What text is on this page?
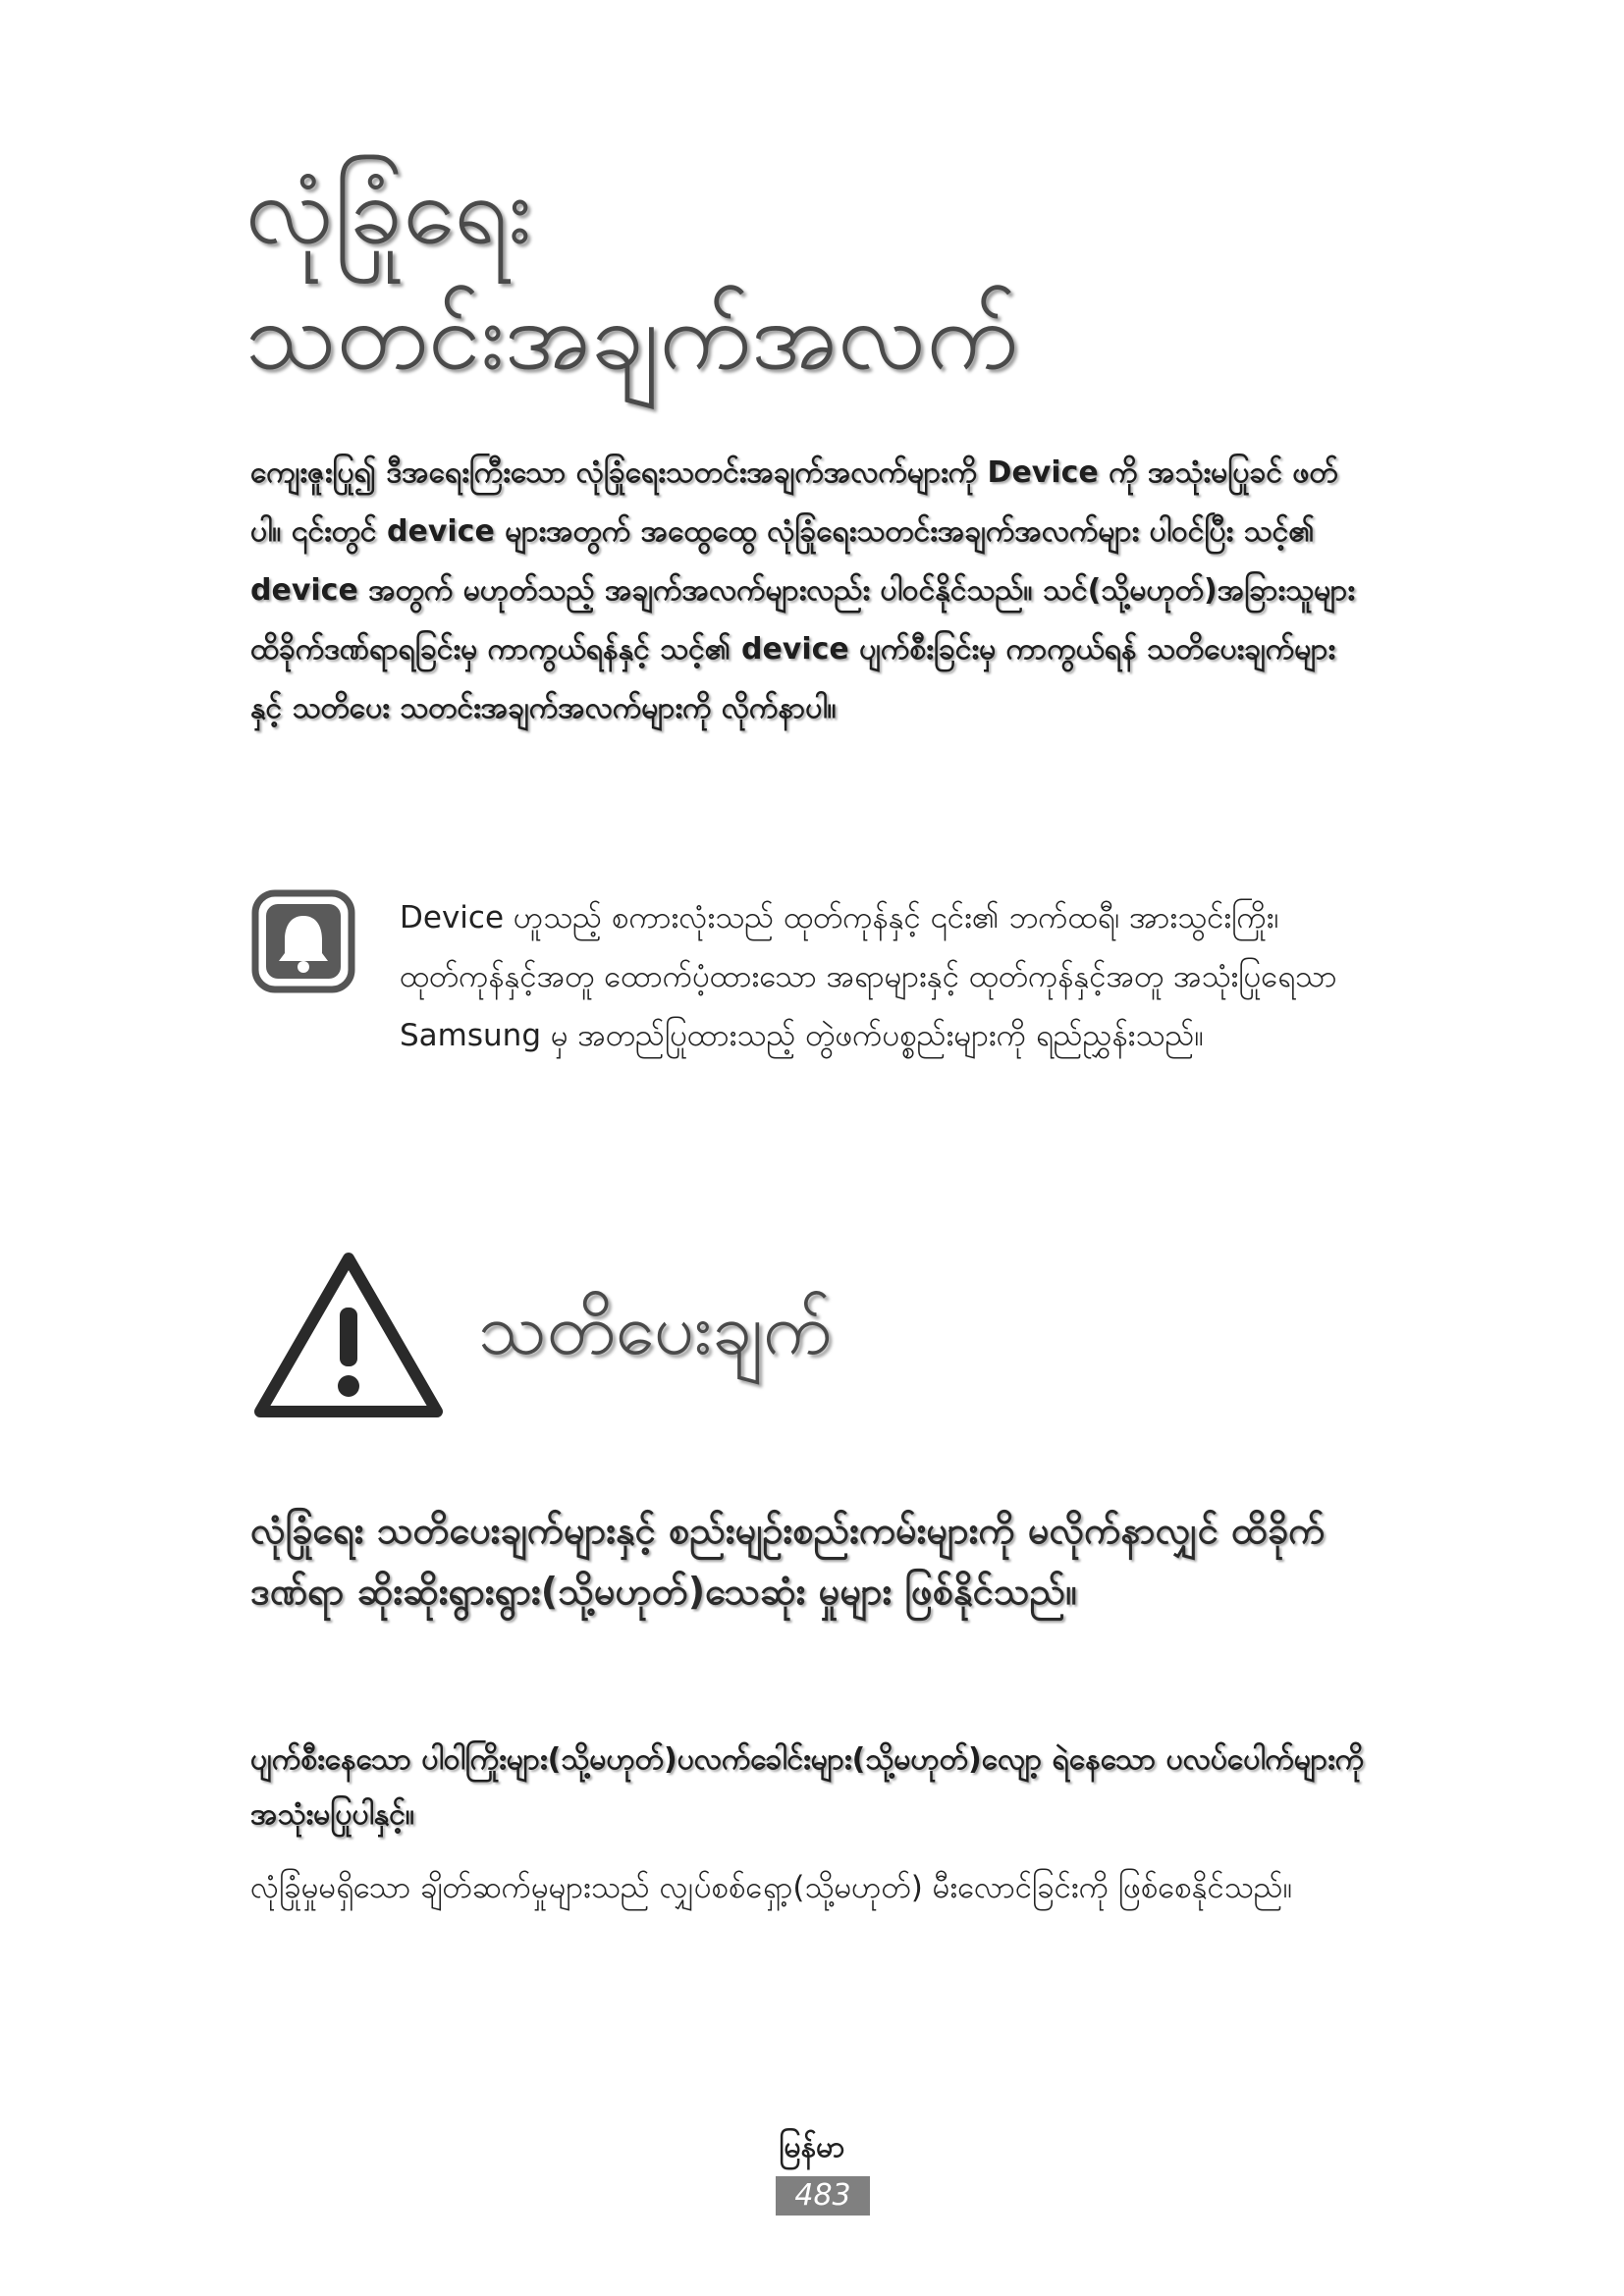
လုံခြုံရေး
သတင်းအချက်အလက်
ကျေးဇူးပြု၍ ဒီအရေးကြီးသော လုံခြုံရေးသတင်းအချက်အလက်များကို Device ကို အသုံးမပြုခင် ဖတ်ပါ။ ၎င်းတွင် device များအတွက် အထွေထွေ လုံခြုံရေးသတင်းအချက်အလက်များ ပါဝင်ပြီး သင့်၏ device အတွက် မဟုတ်သည့် အချက်အလက်များလည်း ပါဝင်နိုင်သည်။ သင်(သို့မဟုတ်)အခြားသူများ ထိခိုက်ဒဏ်ရာရခြင်းမှ ကာကွယ်ရန်နှင့် သင့်၏ device ပျက်စီးခြင်းမှ ကာကွယ်ရန် သတိပေးချက်များနှင့် သတိပေး သတင်းအချက်အလက်များကို လိုက်နာပါ။
Device ဟူသည့် စကားလုံးသည် ထုတ်ကုန်နှင့် ၎င်း၏ ဘက်ထရီ၊ အားသွင်းကြိုး၊ ထုတ်ကုန်နှင့်အတူ ထောက်ပံ့ထားသော အရာများနှင့် ထုတ်ကုန်နှင့်အတူ အသုံးပြုရေသာ Samsung မှ အတည်ပြုထားသည့် တွဲဖက်ပစ္စည်းများကို ရည်ညွှန်းသည်။
သတိပေးချက်
လုံခြုံရေး သတိပေးချက်များနှင့် စည်းမျဉ်းစည်းကမ်းများကို မလိုက်နာလျှင် ထိခိုက်ဒဏ်ရာ ဆိုးဆိုးရွားရွား(သို့မဟုတ်)သေဆုံး မှုများ ဖြစ်နိုင်သည်။
ပျက်စီးနေသော ပါဝါကြိုးများ(သို့မဟုတ်)ပလက်ခေါင်းများ(သို့မဟုတ်)လျော့ ရဲနေသော ပလပ်ပေါက်များကို အသုံးမပြုပါနှင့်။
လုံခြုံမှုမရှိသော ချိတ်ဆက်မှုများသည် လျှပ်စစ်ရှော့(သို့မဟုတ်) မီးလောင်ခြင်းကို ဖြစ်စေနိုင်သည်။
မြန်မာ
483
